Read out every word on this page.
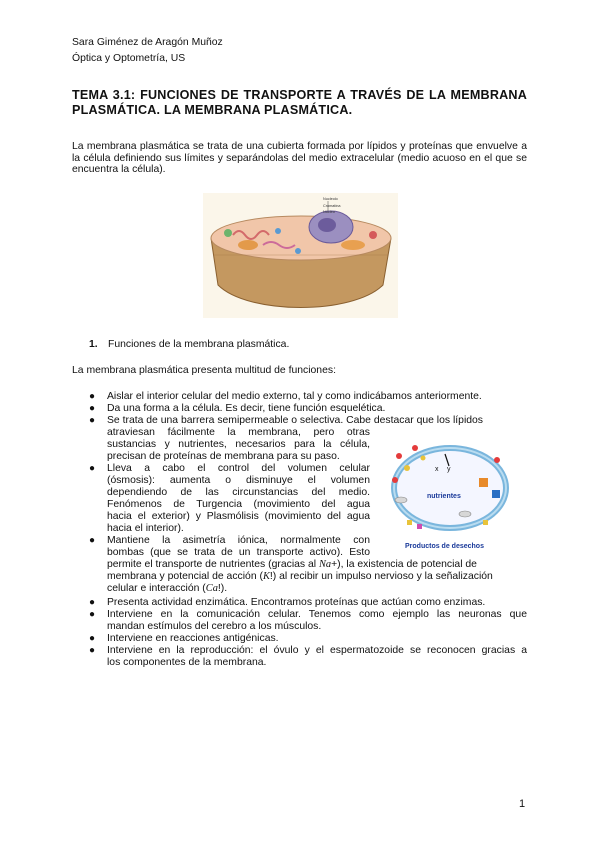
Sara Giménez de Aragón Muñoz
Óptica y Optometría, US
TEMA 3.1: FUNCIONES DE TRANSPORTE A TRAVÉS DE LA MEMBRANA PLASMÁTICA. LA MEMBRANA PLASMÁTICA.
La membrana plasmática se trata de una cubierta formada por lípidos y proteínas que envuelve a la célula definiendo sus límites y separándolas del medio extracelular (medio acuoso en el que se encuentra la célula).
Nucleolo
Cromatina
Núcleo
1. Funciones de la membrana plasmática.
La membrana plasmática presenta multitud de funciones:
● Aislar el interior celular del medio externo, tal y como indicábamos anteriormente.
● Da una forma a la célula. Es decir, tiene función esquelética.
● Se trata de una barrera semipermeable o selectiva. Cabe destacar que los lípidos
atraviesan fácilmente la membrana, pero otras
sustancias y nutrientes, necesarios para la célula,
precisan de proteínas de membrana para su paso.
● Lleva a cabo el control del volumen celular
(ósmosis): aumenta o disminuye el volumen
dependiendo de las circunstancias del medio.
Fenómenos de Turgencia (movimiento del agua
hacia el exterior) y Plasmólisis (movimiento del agua
hacia el interior).
● Mantiene la asimetría iónica, normalmente con
bombas (que se trata de un transporte activo). Esto
permite el transporte de nutrientes (gracias al Na+), la existencia de potencial de
membrana y potencial de acción (K!) al recibir un impulso nervioso y la señalización
celular e interacción (Ca!).
● Presenta actividad enzimática. Encontramos proteínas que actúan como enzimas.
● Interviene en la comunicación celular. Tenemos como ejemplo las neuronas que
mandan estímulos del cerebro a los músculos.
● Interviene en reacciones antigénicas.
● Interviene en la reproducción: el óvulo y el espermatozoide se reconocen gracias a
los componentes de la membrana.
x y
nutrientes
Productos de desechos
1
